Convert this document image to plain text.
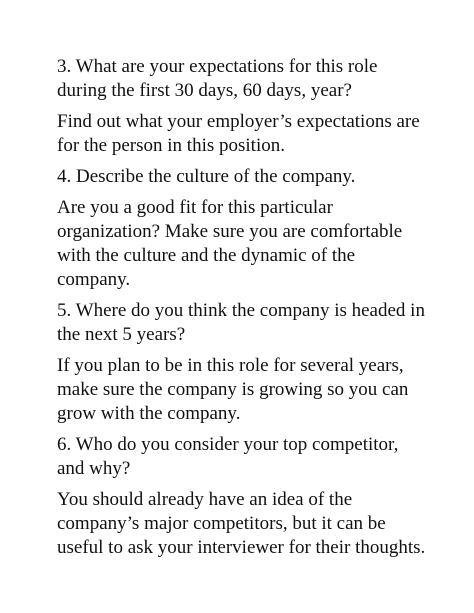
3. What are your expectations for this role
during the first 30 days, 60 days, year?
Find out what your employer’s expectations are
for the person in this position.
4. Describe the culture of the company.
Are you a good fit for this particular
organization? Make sure you are comfortable
with the culture and the dynamic of the
company.
5. Where do you think the company is headed in
the next 5 years?
If you plan to be in this role for several years,
make sure the company is growing so you can
grow with the company.
6. Who do you consider your top competitor,
and why?
You should already have an idea of the
company’s major competitors, but it can be
useful to ask your interviewer for their thoughts.
